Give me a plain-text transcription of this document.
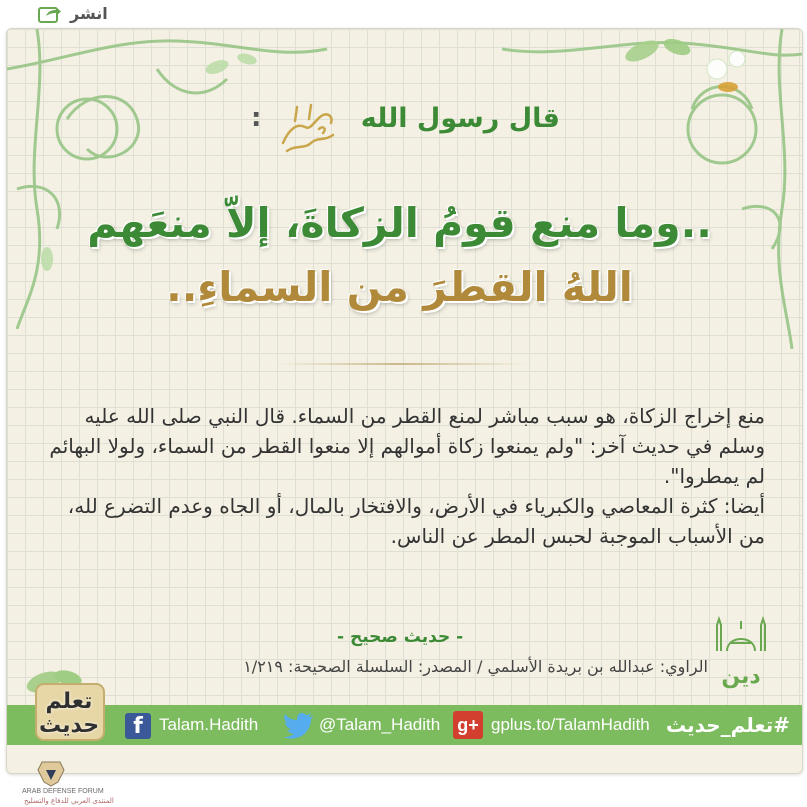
انشر
:	قال رسول الله
..وما منع قومُ الزكاةَ، إلاّ منعَهم
اللهُ القطرَ من السماءِ..

منع إخراج الزكاة، هو سبب مباشر لمنع القطر من السماء. قال النبي صلى الله عليه وسلم في حديث آخر: "ولم يمنعوا زكاة أموالهم إلا منعوا القطر من السماء، ولولا البهائم لم يمطروا".

أيضا: كثرة المعاصي والكبرياء في الأرض، والافتخار بالمال، أو الجاه وعدم التضرع لله، من الأسباب الموجبة لحبس المطر عن الناس.

- حديث صحيح -
الراوي: عبدالله بن بريدة الأسلمي / المصدر: السلسلة الصحيحة: ١/٢١٩ دين
f Talam.Hadith	@Talam_Hadith g+ gplus.to/TalamHadith #تعلم_حديث
تعلم
حديث
ARAB DEFENSE FORUM
المنتدى العربي للدفاع والتسليح
